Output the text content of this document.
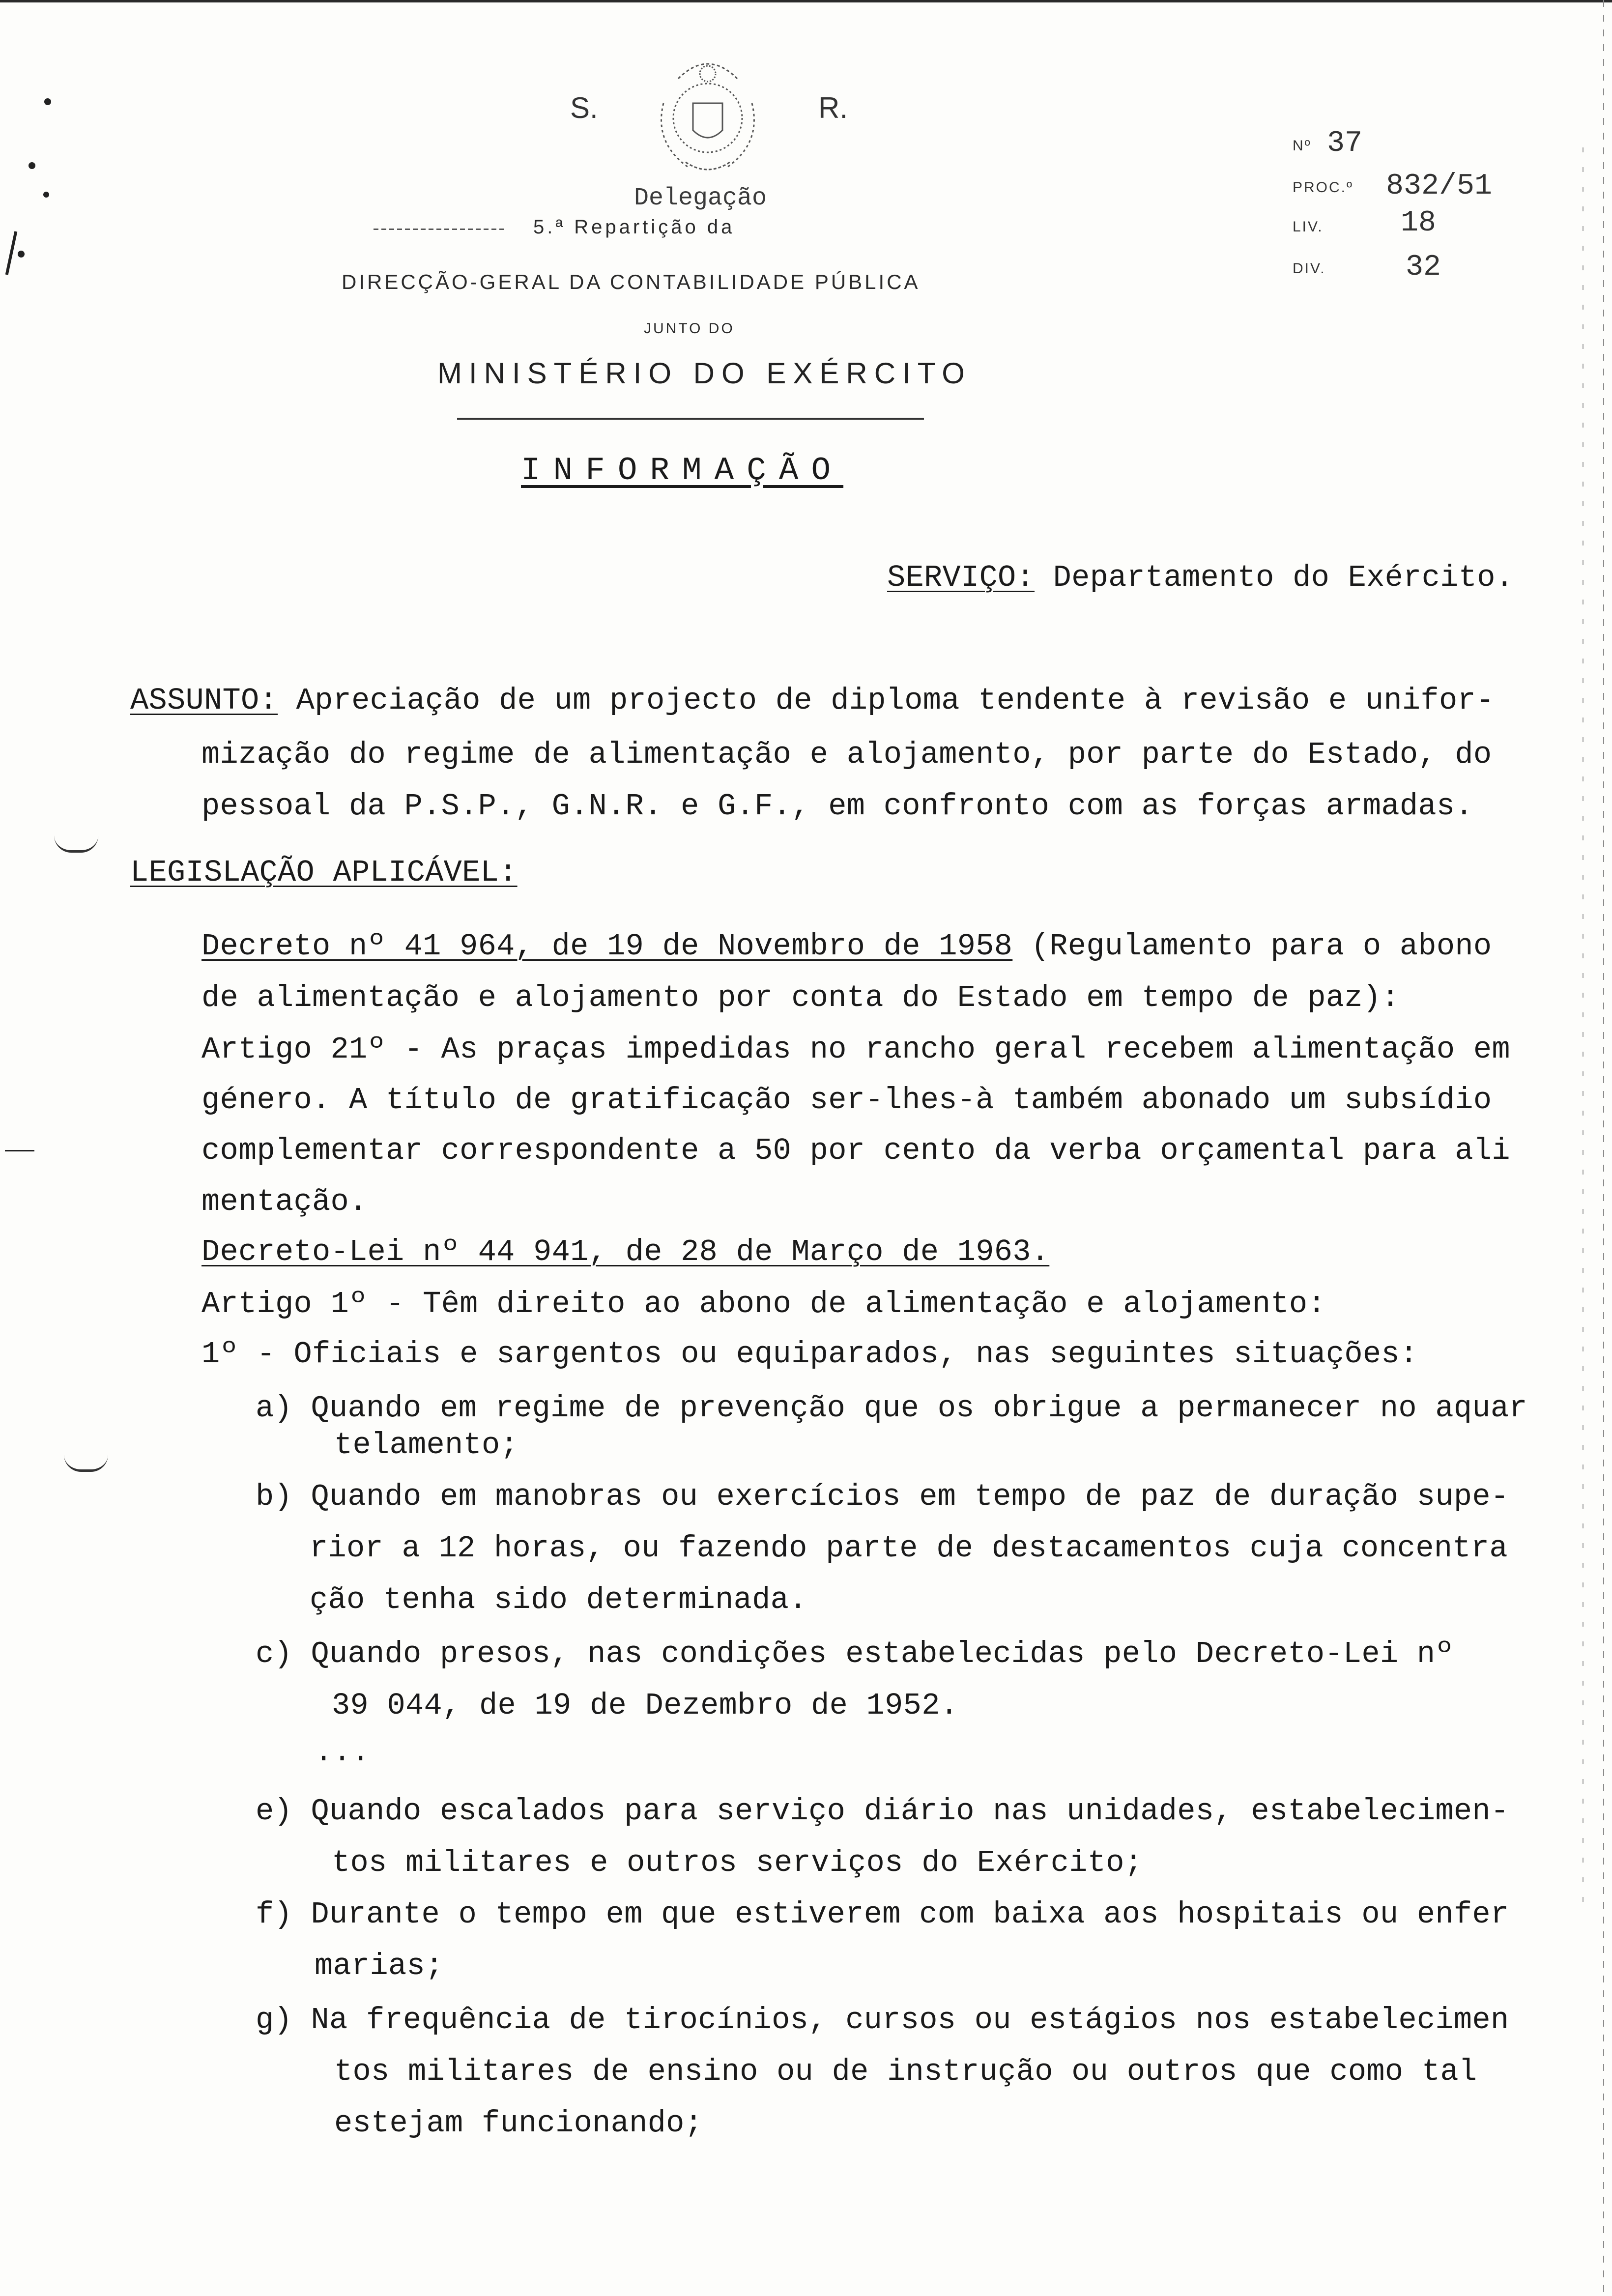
S.	R.
Delegação
5.ª Repartição da
DIRECÇÃO-GERAL DA CONTABILIDADE PÚBLICA
JUNTO DO
MINISTÉRIO DO EXÉRCITO
Nº 37
PROC.º 832/51
LIV.	18
DIV.	32
INFORMAÇÃO
SERVIÇO: Departamento do Exército.
ASSUNTO: Apreciação de um projecto de diploma tendente à revisão e unifor-
mização do regime de alimentação e alojamento, por parte do Estado, do
pessoal da P.S.P., G.N.R. e G.F., em confronto com as forças armadas.
LEGISLAÇÃO APLICÁVEL:
Decreto nº 41 964, de 19 de Novembro de 1958 (Regulamento para o abono
de alimentação e alojamento por conta do Estado em tempo de paz):
Artigo 21º - As praças impedidas no rancho geral recebem alimentação em
género. A título de gratificação ser-lhes-à também abonado um subsídio
complementar correspondente a 50 por cento da verba orçamental para ali
mentação.
Decreto-Lei nº 44 941, de 28 de Março de 1963.
Artigo 1º - Têm direito ao abono de alimentação e alojamento:
1º - Oficiais e sargentos ou equiparados, nas seguintes situações:
a) Quando em regime de prevenção que os obrigue a permanecer no aquar
telamento;
b) Quando em manobras ou exercícios em tempo de paz de duração supe-
rior a 12 horas, ou fazendo parte de destacamentos cuja concentra
ção tenha sido determinada.
c) Quando presos, nas condições estabelecidas pelo Decreto-Lei nº
39 044, de 19 de Dezembro de 1952.
...
e) Quando escalados para serviço diário nas unidades, estabelecimen-
tos militares e outros serviços do Exército;
f) Durante o tempo em que estiverem com baixa aos hospitais ou enfer
marias;
g) Na frequência de tirocínios, cursos ou estágios nos estabelecimen
tos militares de ensino ou de instrução ou outros que como tal
estejam funcionando;
